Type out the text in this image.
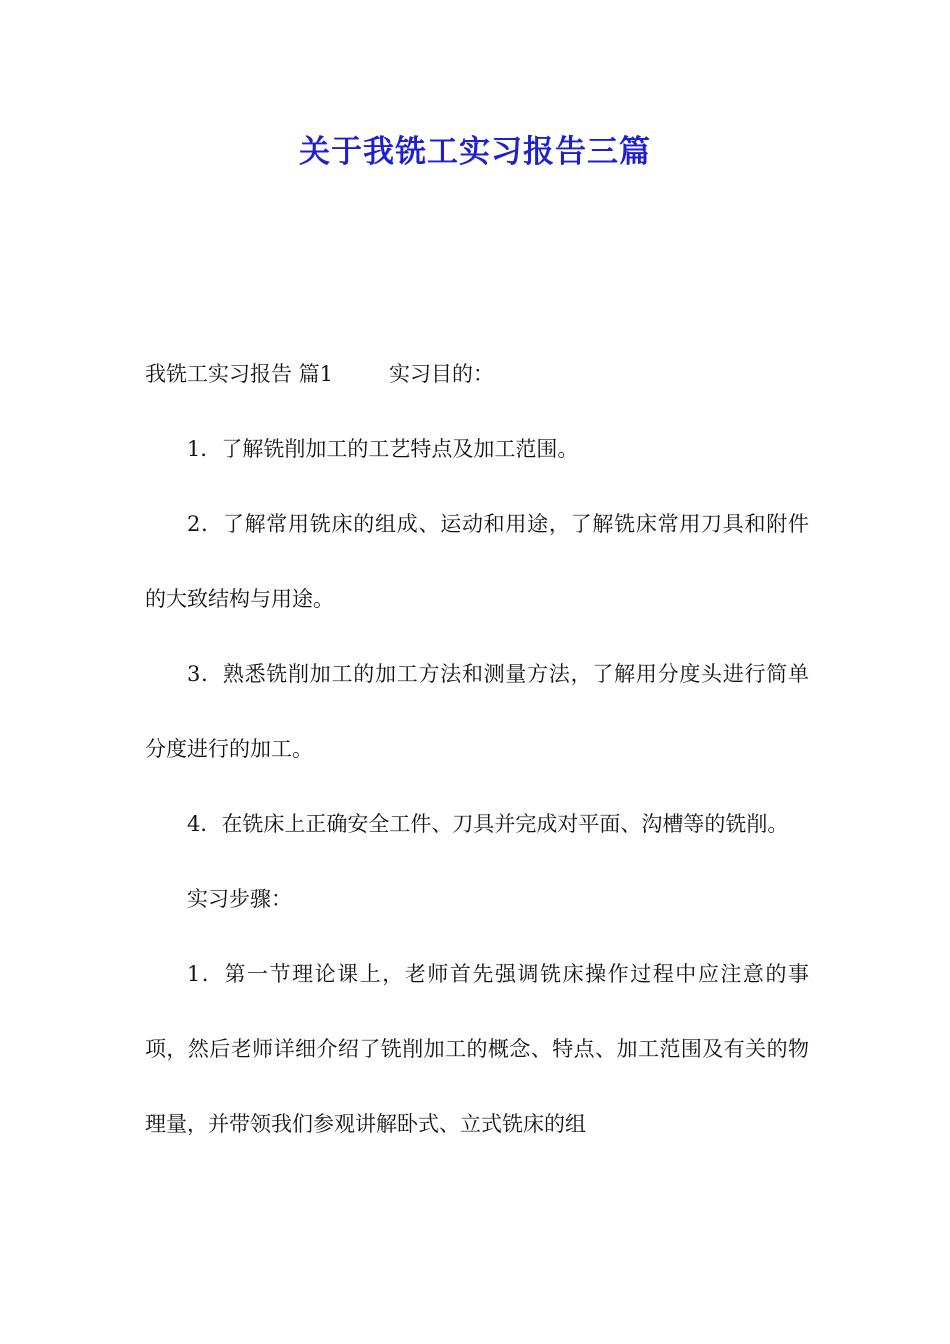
关于我铣工实习报告三篇

我铣工实习报告 篇1	实习目的：

1．了解铣削加工的工艺特点及加工范围。

2．了解常用铣床的组成、运动和用途，了解铣床常用刀具和附件的大致结构与用途。

3．熟悉铣削加工的加工方法和测量方法，了解用分度头进行简单分度进行的加工。

4．在铣床上正确安全工件、刀具并完成对平面、沟槽等的铣削。

实习步骤：

1．第一节理论课上，老师首先强调铣床操作过程中应注意的事项，然后老师详细介绍了铣削加工的概念、特点、加工范围及有关的物理量，并带领我们参观讲解卧式、立式铣床的组
